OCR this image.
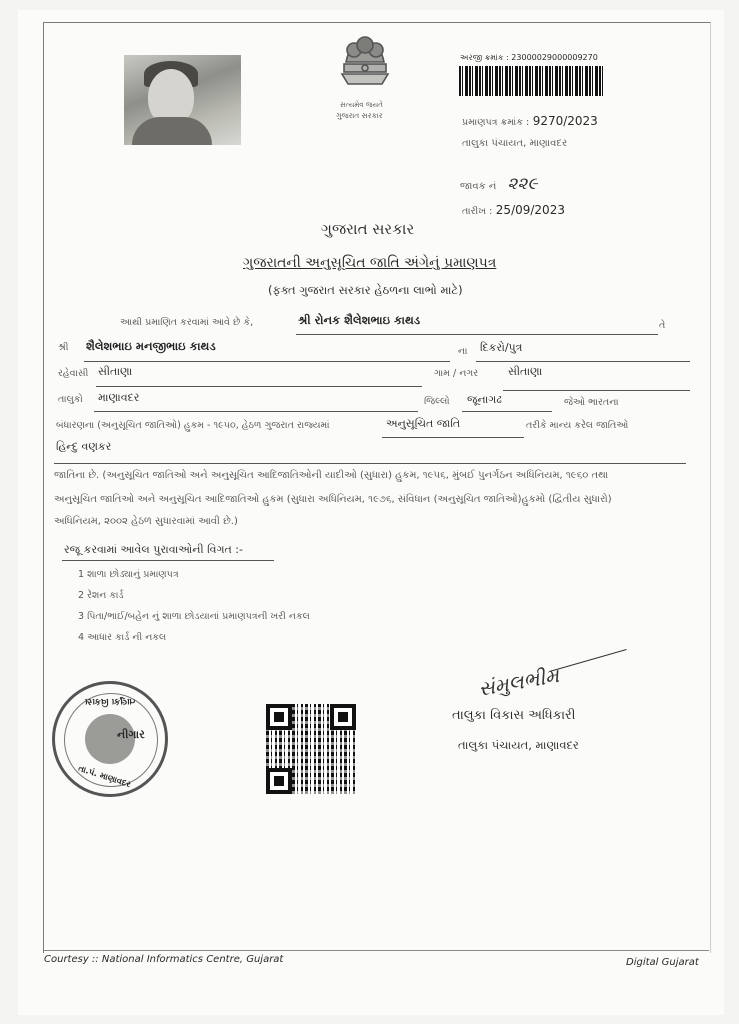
સત્યમેવ જયતે
ગુજરાત સરકાર
અરજી ક્રમાંક : 23000029000009270
પ્રમાણપત્ર ક્રમાંક : 9270/2023
તાલુકા પંચાયત, માણાવદર
જાવક નં ૨૨૯
તારીખ : 25/09/2023
ગુજરાત સરકાર
ગુજરાતની અનુસૂચિત જાતિ અંગેનું પ્રમાણપત્ર
(ફક્ત ગુજરાત સરકાર હેઠળના લાભો માટે)
આથી પ્રમાણિત કરવામાં આવે છે કે,	શ્રી રોનક શૈલેશભાઇ કાથડ	તે
શ્રી શૈલેશભાઇ મનજીભાઇ કાથડ	ના દિકરો/પુત્ર
રહેવાસી સીતાણા	ગામ / નગર	સીતાણા
તાલુકો માણાવદર	જિલ્લો જૂનાગઢ	જેઓ ભારતના
બંધારણના (અનુસૂચિત જાતિઓ) હુકમ - ૧૯૫૦, હેઠળ ગુજરાત રાજ્યમાં	અનુસૂચિત જાતિ	તરીકે માન્ય કરેલ જાતિઓ
હિન્દુ વણકર
જાતિના છે. (અનુસૂચિત જાતિઓ અને અનુસૂચિત આદિજાતિઓની યાદીઓ (સુધારા) હુકમ, ૧૯૫૬, મુંબઈ પુનર્ગઠન અધિનિયમ, ૧૯૬૦ તથા
અનુસૂચિત જાતિઓ અને અનુસૂચિત આદિજાતિઓ હુકમ (સુધારા અધિનિયમ, ૧૯૭૬, સંવિધાન (અનુસૂચિત જાતિઓ)હુકમો (દ્વિતીય સુધારો)
અધિનિયમ, ૨૦૦૨ હેઠળ સુધારવામાં આવી છે.)
રજૂ કરવામાં આવેલ પુરાવાઓની વિગત :-
1 શાળા છોડ્યાનું પ્રમાણપત્ર
2 રેશન કાર્ડ
3 પિતા/ભાઈ/બહેન નું શાળા છોડયાનાં પ્રમાણપત્રની ખરી નકલ
4 આધાર કાર્ડ ની નકલ
તાલુકા વિકાસ
તા.પં. માણાવદર
નીગાર
સંમુલભીમ
તાલુકા વિકાસ અધિકારી
તાલુકા પંચાયત, માણાવદર
Courtesy :: National Informatics Centre, Gujarat	Digital Gujarat
